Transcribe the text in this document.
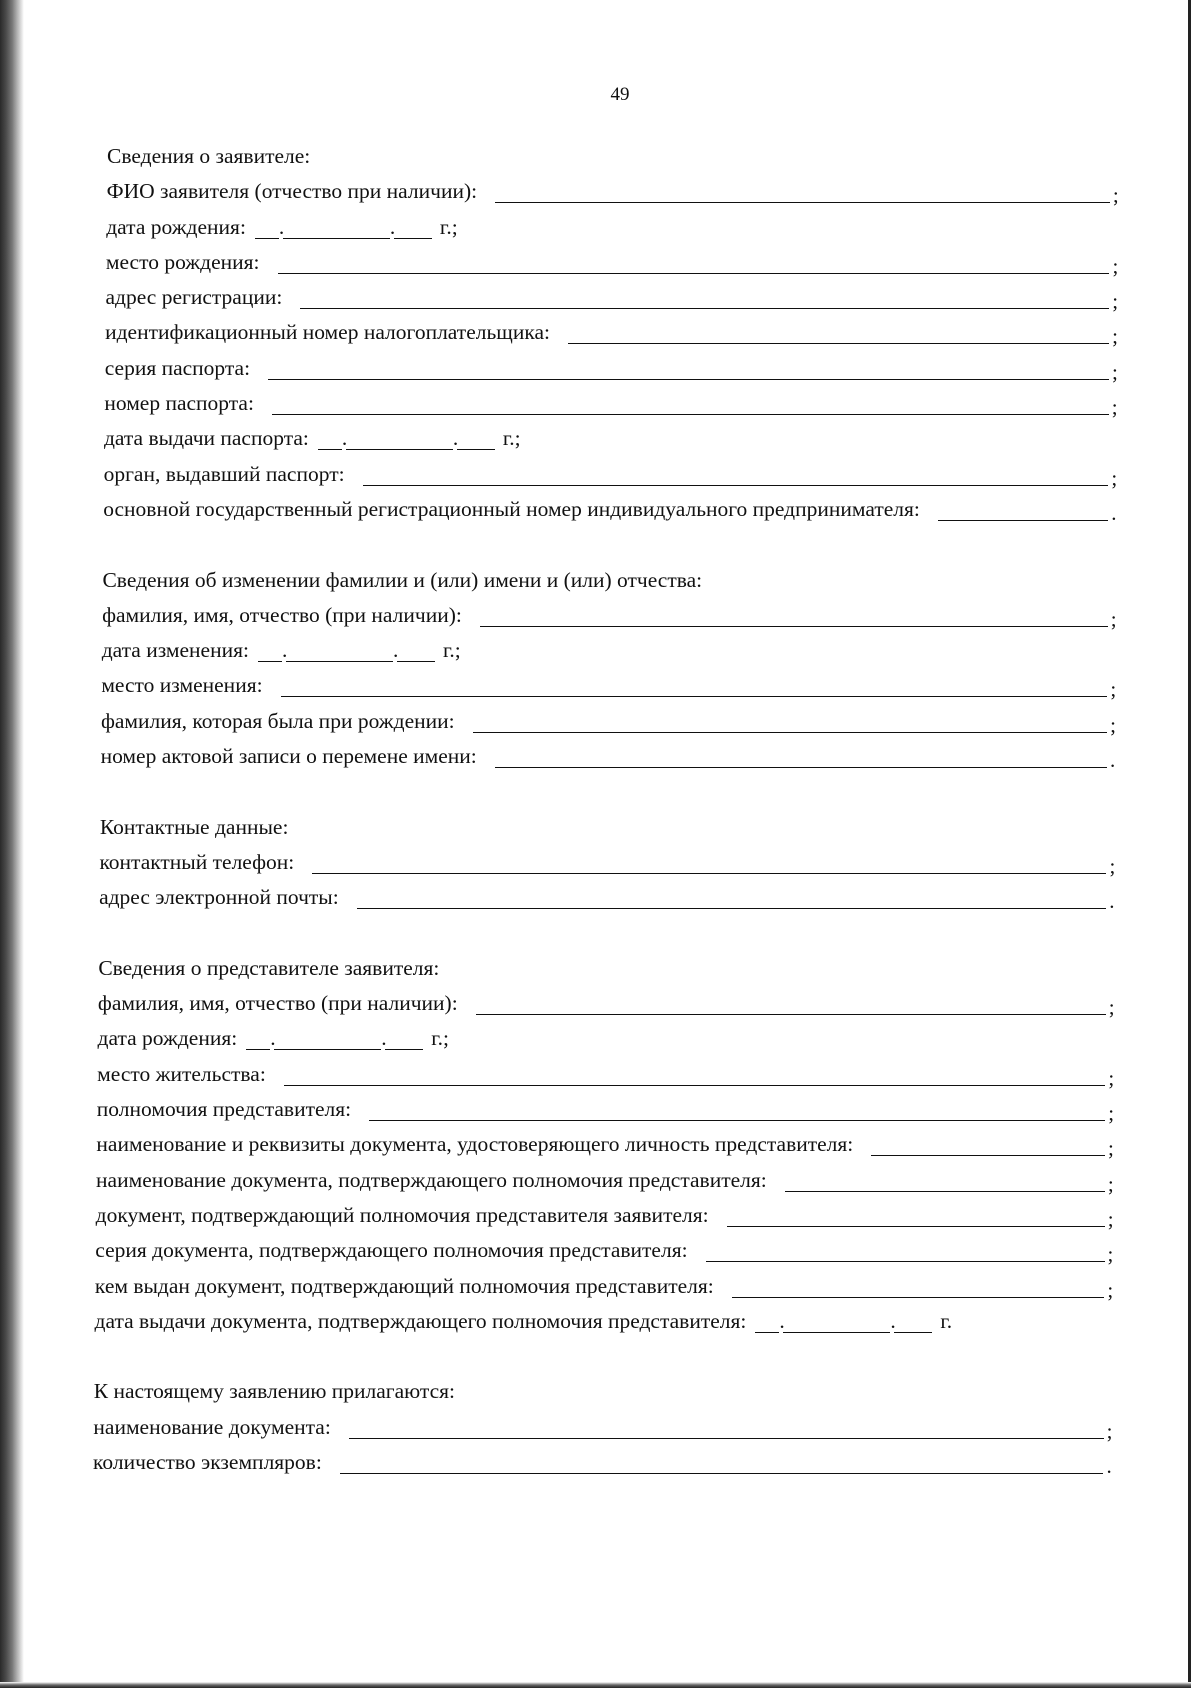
49
Сведения о заявителе:
ФИО заявителя (отчество при наличии):	;
дата рождения: .	. г.;
место рождения:	;
адрес регистрации:	;
идентификационный номер налогоплательщика:	;
серия паспорта:	;
номер паспорта:	;
дата выдачи паспорта: .	. г.;
орган, выдавший паспорт:	;
основной государственный регистрационный номер индивидуального предпринимателя:	.
Сведения об изменении фамилии и (или) имени и (или) отчества:
фамилия, имя, отчество (при наличии):	;
дата изменения: .	. г.;
место изменения:	;
фамилия, которая была при рождении:	;
номер актовой записи о перемене имени:	.
Контактные данные:
контактный телефон:	;
адрес электронной почты:	.
Сведения о представителе заявителя:
фамилия, имя, отчество (при наличии):	;
дата рождения: .	. г.;
место жительства:	;
полномочия представителя:	;
наименование и реквизиты документа, удостоверяющего личность представителя:	;
наименование документа, подтверждающего полномочия представителя:	;
документ, подтверждающий полномочия представителя заявителя:	;
серия документа, подтверждающего полномочия представителя:	;
кем выдан документ, подтверждающий полномочия представителя:	;
дата выдачи документа, подтверждающего полномочия представителя: .	. г.
К настоящему заявлению прилагаются:
наименование документа:	;
количество экземпляров:	.
